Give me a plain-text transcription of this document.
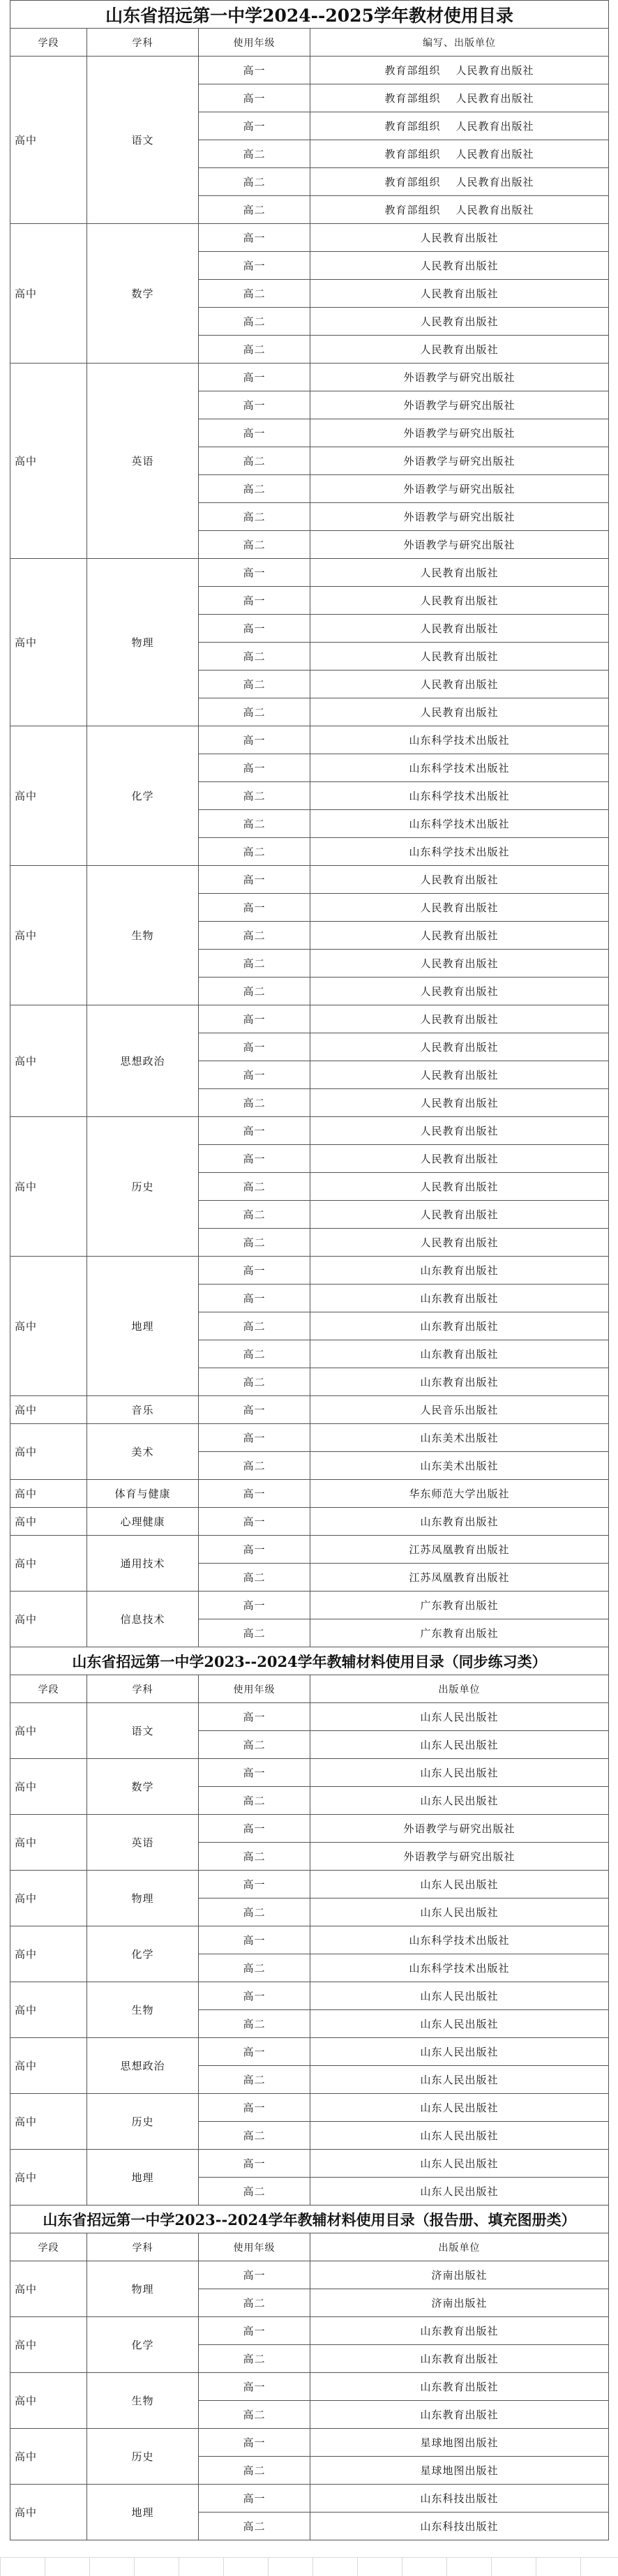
山东省招远第一中学2024--2025学年教材使用目录			
学段	学科	使用年级	编写、出版单位
高中	语文	高一	教育部组织 人民教育出版社
		高一	教育部组织 人民教育出版社
		高一	教育部组织 人民教育出版社
		高二	教育部组织 人民教育出版社
		高二	教育部组织 人民教育出版社
		高二	教育部组织 人民教育出版社
高中	数学	高一	人民教育出版社
		高一	人民教育出版社
		高二	人民教育出版社
		高二	人民教育出版社
		高二	人民教育出版社
高中	英语	高一	外语教学与研究出版社
		高一	外语教学与研究出版社
		高一	外语教学与研究出版社
		高二	外语教学与研究出版社
		高二	外语教学与研究出版社
		高二	外语教学与研究出版社
		高二	外语教学与研究出版社
高中	物理	高一	人民教育出版社
		高一	人民教育出版社
		高一	人民教育出版社
		高二	人民教育出版社
		高二	人民教育出版社
		高二	人民教育出版社
高中	化学	高一	山东科学技术出版社
		高一	山东科学技术出版社
		高二	山东科学技术出版社
		高二	山东科学技术出版社
		高二	山东科学技术出版社
高中	生物	高一	人民教育出版社
		高一	人民教育出版社
		高二	人民教育出版社
		高二	人民教育出版社
		高二	人民教育出版社
高中	思想政治	高一	人民教育出版社
		高一	人民教育出版社
		高一	人民教育出版社
		高二	人民教育出版社
高中	历史	高一	人民教育出版社
		高一	人民教育出版社
		高二	人民教育出版社
		高二	人民教育出版社
		高二	人民教育出版社
高中	地理	高一	山东教育出版社
		高一	山东教育出版社
		高二	山东教育出版社
		高二	山东教育出版社
		高二	山东教育出版社
高中	音乐	高一	人民音乐出版社
高中	美术	高一	山东美术出版社
		高二	山东美术出版社
高中	体育与健康	高一	华东师范大学出版社
高中	心理健康	高一	山东教育出版社
高中	通用技术	高一	江苏凤凰教育出版社
		高二	江苏凤凰教育出版社
高中	信息技术	高一	广东教育出版社
		高二	广东教育出版社
山东省招远第一中学2023--2024学年教辅材料使用目录（同步练习类）			
学段	学科	使用年级	出版单位
高中	语文	高一	山东人民出版社
		高二	山东人民出版社
高中	数学	高一	山东人民出版社
		高二	山东人民出版社
高中	英语	高一	外语教学与研究出版社
		高二	外语教学与研究出版社
高中	物理	高一	山东人民出版社
		高二	山东人民出版社
高中	化学	高一	山东科学技术出版社
		高二	山东科学技术出版社
高中	生物	高一	山东人民出版社
		高二	山东人民出版社
高中	思想政治	高一	山东人民出版社
		高二	山东人民出版社
高中	历史	高一	山东人民出版社
		高二	山东人民出版社
高中	地理	高一	山东人民出版社
		高二	山东人民出版社
山东省招远第一中学2023--2024学年教辅材料使用目录（报告册、填充图册类）			
学段	学科	使用年级	出版单位
高中	物理	高一	济南出版社
		高二	济南出版社
高中	化学	高一	山东教育出版社
		高二	山东教育出版社
高中	生物	高一	山东教育出版社
		高二	山东教育出版社
高中	历史	高一	星球地图出版社
		高二	星球地图出版社
高中	地理	高一	山东科技出版社
		高二	山东科技出版社
